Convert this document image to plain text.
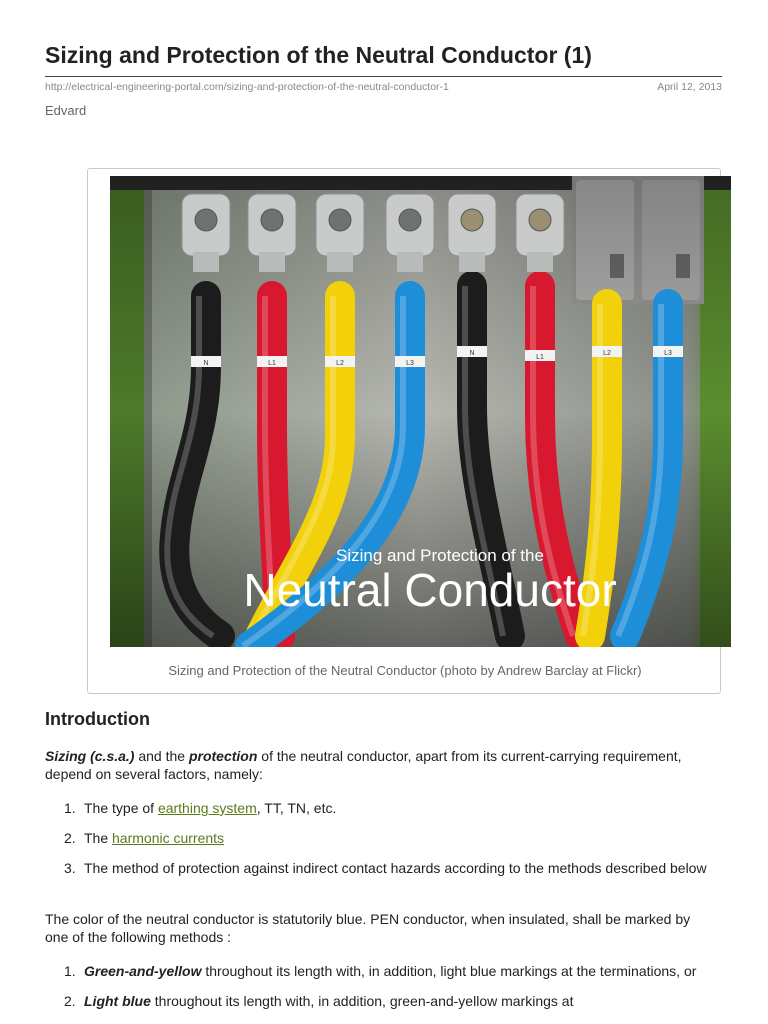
Sizing and Protection of the Neutral Conductor (1)
http://electrical-engineering-portal.com/sizing-and-protection-of-the-neutral-conductor-1	April 12, 2013
Edvard
N	L1	L2	L3
N
L1
L2	L3
Sizing and Protection of the
Neutral Conductor
Sizing and Protection of the Neutral Conductor (photo by Andrew Barclay at Flickr)
Introduction

Sizing (c.s.a.) and the protection of the neutral conductor, apart from its current-carrying requirement, depend on several factors, namely:

1. The type of earthing system, TT, TN, etc.
2. The harmonic currents
3. The method of protection against indirect contact hazards according to the methods described below

The color of the neutral conductor is statutorily blue. PEN conductor, when insulated, shall be marked by one of the following methods :

1. Green-and-yellow throughout its length with, in addition, light blue markings at the terminations, or
2. Light blue throughout its length with, in addition, green-and-yellow markings at
